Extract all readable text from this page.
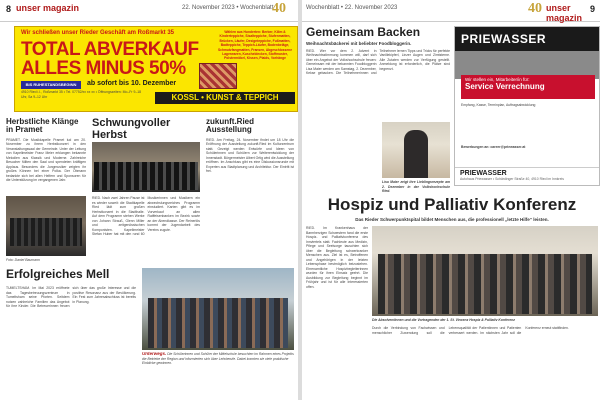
8 unser magazin	22. November 2023 • Wochenblatt
40
Wir schließen unser Rieder Geschäft am Roßmarkt 35
TOTAL ABVERKAUF
ALLES MINUS 50%
BIS RUHESTANDSBEGINN	ab sofort bis 10. Dezember
Wählen aus Hunderten: Berber, Kilim & Kinderteppiche, Sisalteppiche, Stufenmatten, Brücken, Läufer, Designteppiche, Fußmatten, Badteppiche, Teppich-Läufer, Bodenbeläge, Schmutzfangmatten, Fransen, Abgeschlossene Lagerwaren, Kuscheldecken, Stoffmuster, Polstermöbel, Kissen, Plaids, Vorhänge
4910 Ried i.I., Roßmarkt 35 • Tel. 07752/xx xx xx • Öffnungszeiten: Mo–Fr 9–18 Uhr, Sa 9–12 Uhr	KOSSL • KUNST & TEPPICH
Herbstliche Klänge in Pramet
PRAMET. Die Musikkapelle Pramet lud am 20. November zu ihrem Herbstkonzert in den Veranstaltungssaal der Gemeinde. Unter der Leitung von Kapellmeister Franz Meier erklangen bekannte Melodien aus Klassik und Moderne. Zahlreiche Besucher füllten den Saal und spendeten kräftigen Applaus. Besonders die Jungmusiker zeigten ihr großes Können bei einer Polka. Der Obmann bedankte sich bei allen Helfern und Sponsoren für die Unterstützung im vergangenen Jahr.
Foto: Daniel Baumann
Schwungvoller Herbst
RIED. Nach zwei Jahren Pause ist es wieder soweit: die Stadtkapelle Ried lädt zum großen Herbstkonzert in die Stadthalle. Auf dem Programm stehen Werke von Johann Strauß, Glenn Miller und zeitgenössischen Komponisten. Kapellmeister Stefan Huber hat mit den rund 60 Musikerinnen und Musikern ein abwechslungsreiches Programm einstudiert. Karten gibt es im Vorverkauf an allen Raiffeisenbanken im Bezirk sowie an der Abendkasse. Der Reinerlös kommt der Jugendarbeit des Vereins zugute.
zukunft.Ried Ausstellung
RIED. Am Freitag, 24. November findet um 18 Uhr die Eröffnung der Ausstellung zukunft.Ried im Kulturzentrum statt. Gezeigt werden Entwürfe und Ideen von Schülerinnen und Schülern zur Weiterentwicklung der Innenstadt. Bürgermeister Albert Ortig wird die Ausstellung eröffnen. Im Anschluss gibt es eine Diskussionsrunde mit Experten aus Stadtplanung und Architektur. Der Eintritt ist frei.
Erfolgreiches Mell
TUMELTSHAM. Im Mai 2023 eröffnete das Tagesbetreuungszentrum in Tumeltsham seine Pforten. Seitdem nutzen zahlreiche Familien das Angebot für ihre Kinder. Die Betreuerinnen freuen sich über das große Interesse und die positive Resonanz aus der Bevölkerung. Ein Fest zum Jahresabschluss ist bereits in Planung.
Unterwegs. Die Schülerinnen und Schüler der Mittelschule besuchten im Rahmen eines Projekts die Betriebe der Region und informierten sich über Lehrberufe. Dabei konnten sie viele praktische Einblicke gewinnen.
Wochenblatt • 22. November 2023	40 unser magazin
9
Gemeinsam Backen
Weihnachtsbäckerei mit beliebter Foodbloggerin.
RIED. Wer vor dem 2. Advent in Weihnachtsstimmung kommen will, darf sich über ein Angebot der Volkshochschule freuen: Gemeinsam mit der bekannten Foodbloggerin Lisa Maier werden am Samstag, 2. Dezember, Kekse gebacken. Die Teilnehmerinnen und Teilnehmer lernen Tipps und Tricks für perfekte Vanillekipferl, Linzer Augen und Zimtsterne. Alle Zutaten werden zur Verfügung gestellt. Anmeldung ist erforderlich, die Plätze sind begrenzt.
Lisa Maier zeigt ihre Lieblingsrezepte am 2. Dezember in der Volkshochschule Ried.
PRIEWASSER
Wir stellen ein, Mitarbeiter/in für:
Service Verrechnung
Empfang, Kasse, Terminplan, Auftragsabwicklung
Bewerbungen an: career@priewasser.at
PRIEWASSER
Autohaus Priewasser • Schärdinger Straße 40, 4910 Ried im Innkreis
Hospiz und Palliativ Konferenz
Das Rieder Schwerpunktspital bildet Menschen aus, die professionell „letzte Hilfe“ leisten.
RIED. Im Krankenhaus der Barmherzigen Schwestern fand die erste Hospiz- und Palliativkonferenz des Innviertels statt. Fachleute aus Medizin, Pflege und Seelsorge tauschten sich über die Begleitung schwerkranker Menschen aus. Ziel ist es, Betroffenen und Angehörigen in der letzten Lebensphase bestmöglich beizustehen. Ehrenamtliche Hospizbegleiterinnen wurden für ihren Einsatz geehrt. Die Ausbildung zur Begleitung beginnt im Frühjahr und ist für alle Interessierten offen.
Die Absolventinnen und die Vortragenden der 1. St. Vincenz Hospiz & Palliativ Konferenz
Durch die Verbindung von Fachwissen und menschlicher Zuwendung soll die Lebensqualität der Patientinnen und Patienten verbessert werden. Im nächsten Jahr soll die Konferenz erneut stattfinden.
